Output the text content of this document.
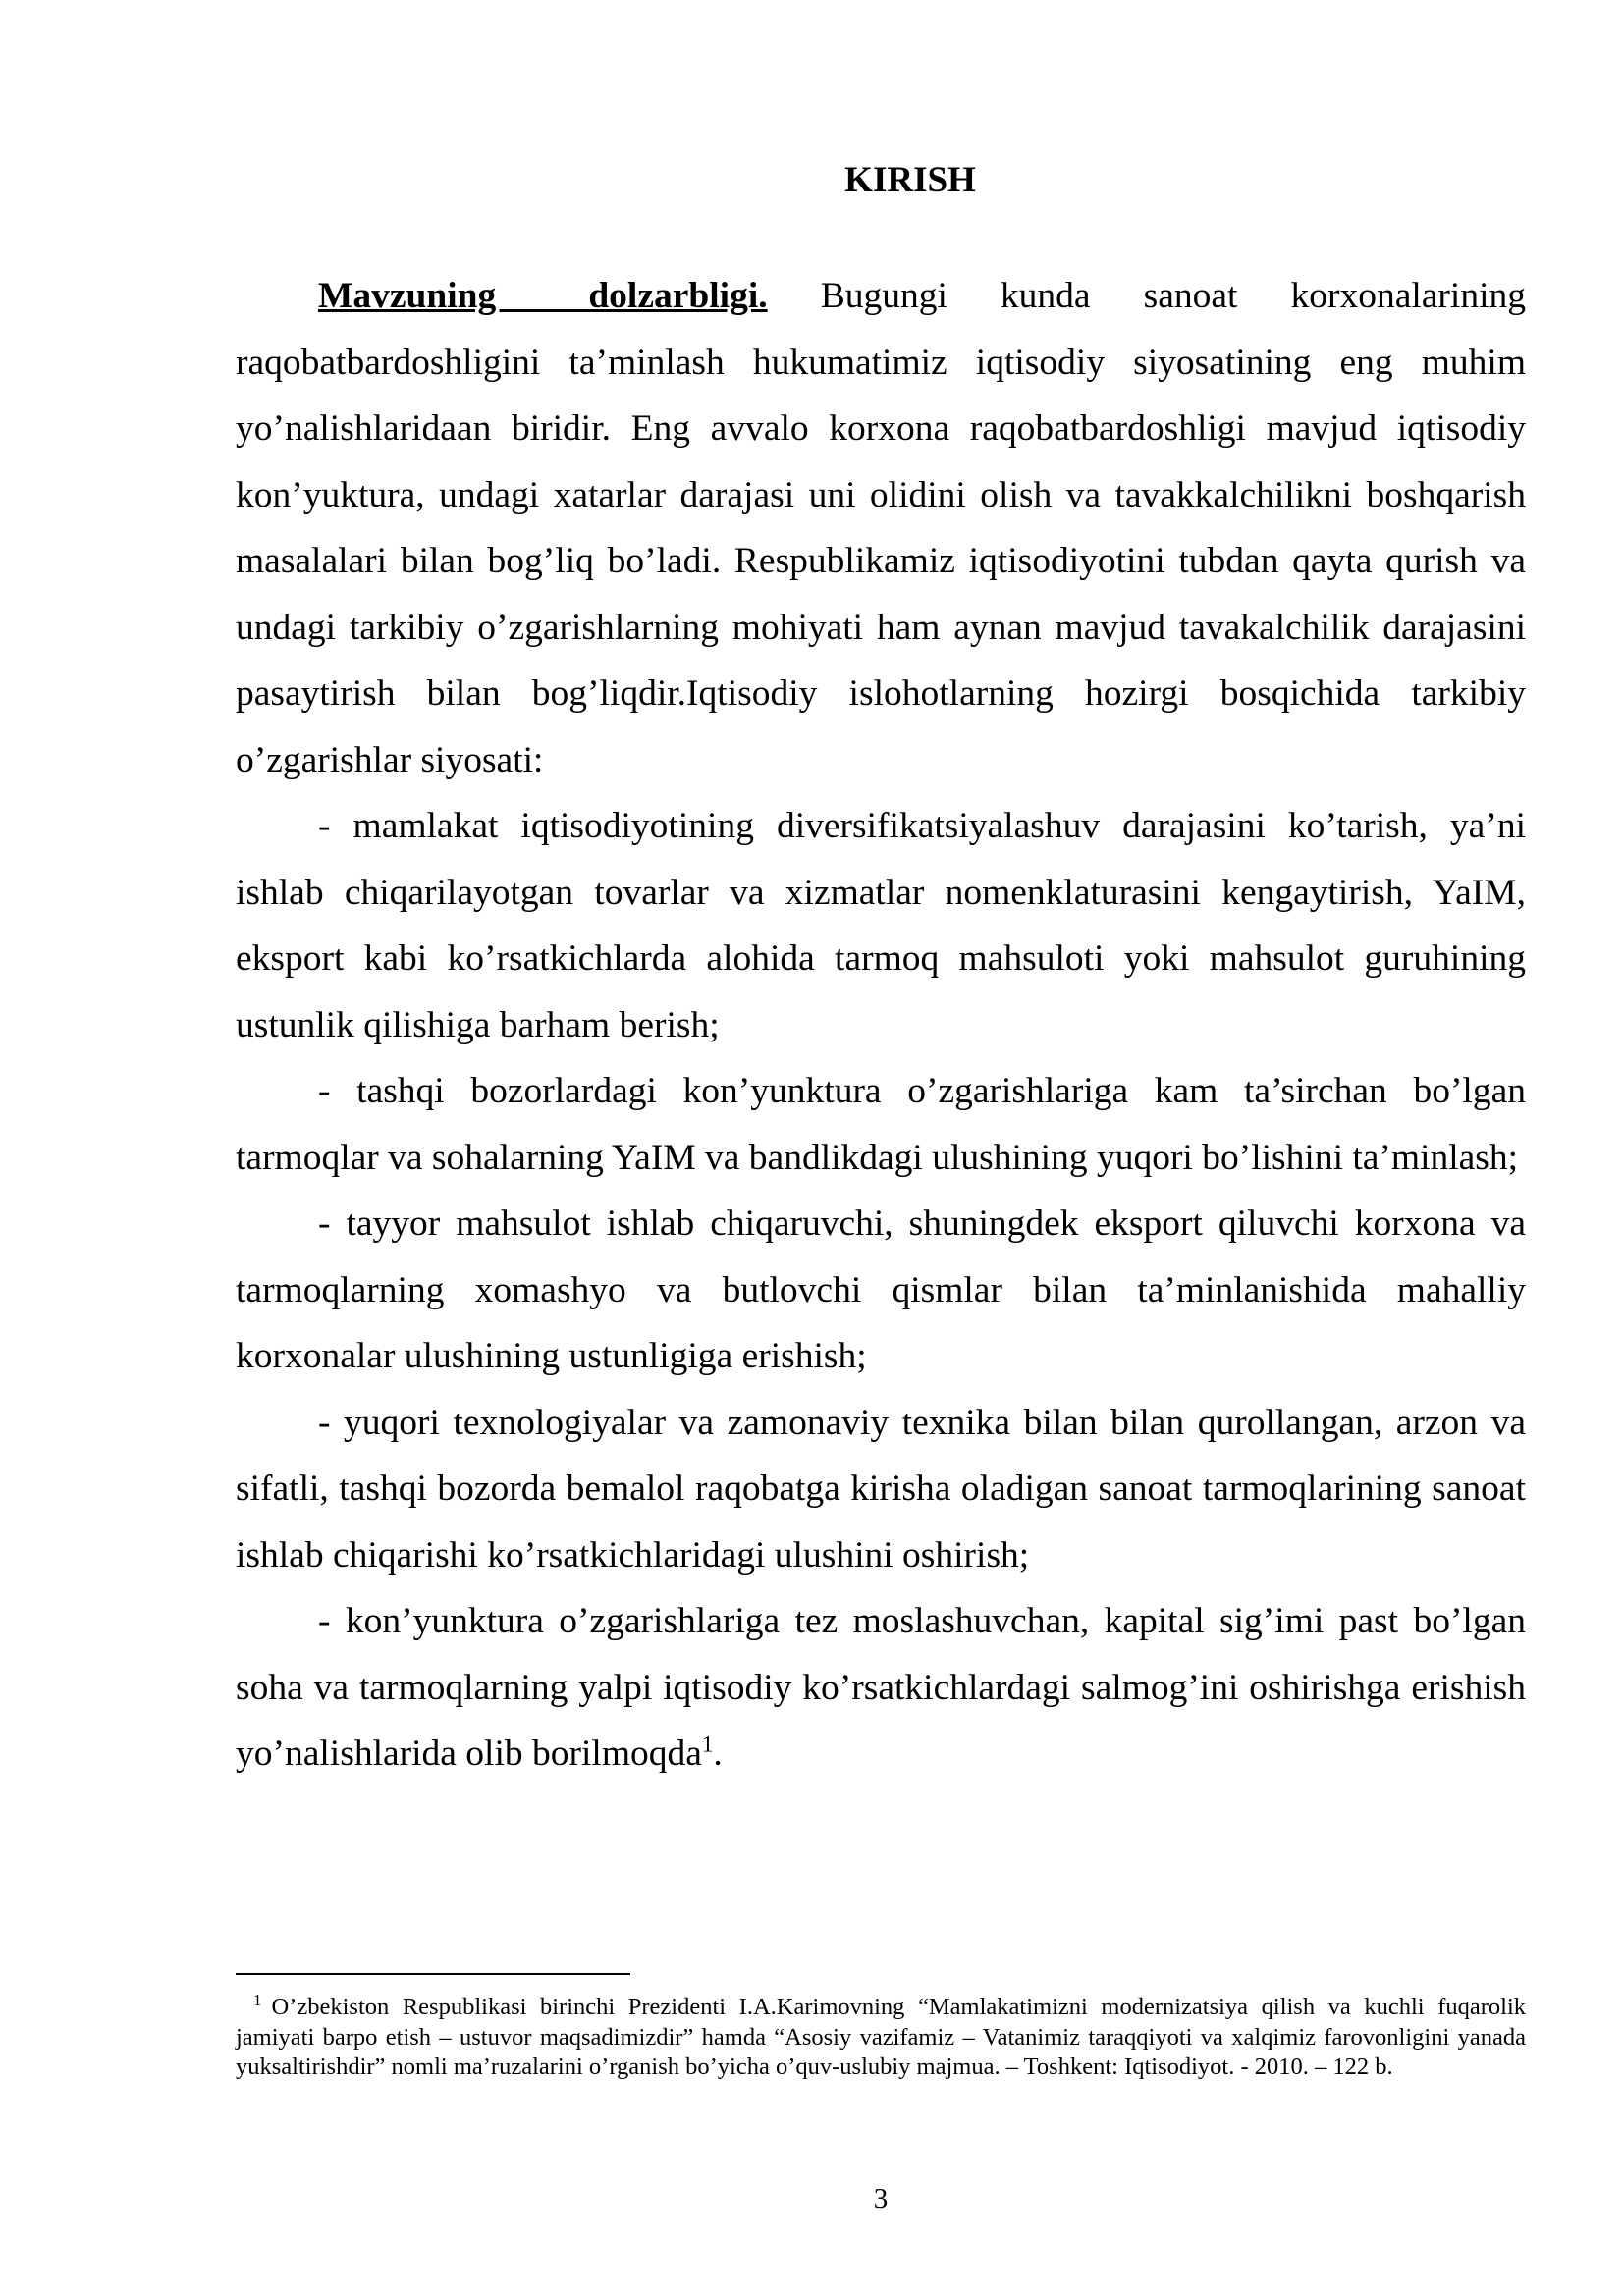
KIRISH

Mavzuning dolzarbligi. Bugungi kunda sanoat korxonalarining raqobatbardoshligini ta’minlash hukumatimiz iqtisodiy siyosatining eng muhim yo’nalishlaridaan biridir. Eng avvalo korxona raqobatbardoshligi mavjud iqtisodiy kon’yuktura, undagi xatarlar darajasi uni olidini olish va tavakkalchilikni boshqarish masalalari bilan bog’liq bo’ladi. Respublikamiz iqtisodiyotini tubdan qayta qurish va undagi tarkibiy o’zgarishlarning mohiyati ham aynan mavjud tavakalchilik darajasini pasaytirish bilan bog’liqdir.Iqtisodiy islohotlarning hozirgi bosqichida tarkibiy o’zgarishlar siyosati:

- mamlakat iqtisodiyotining diversifikatsiyalashuv darajasini ko’tarish, ya’ni ishlab chiqarilayotgan tovarlar va xizmatlar nomenklaturasini kengaytirish, YaIM, eksport kabi ko’rsatkichlarda alohida tarmoq mahsuloti yoki mahsulot guruhining ustunlik qilishiga barham berish;

- tashqi bozorlardagi kon’yunktura o’zgarishlariga kam ta’sirchan bo’lgan tarmoqlar va sohalarning YaIM va bandlikdagi ulushining yuqori bo’lishini ta’minlash;

- tayyor mahsulot ishlab chiqaruvchi, shuningdek eksport qiluvchi korxona va tarmoqlarning xomashyo va butlovchi qismlar bilan ta’minlanishida mahalliy korxonalar ulushining ustunligiga erishish;

- yuqori texnologiyalar va zamonaviy texnika bilan bilan qurollangan, arzon va sifatli, tashqi bozorda bemalol raqobatga kirisha oladigan sanoat tarmoqlarining sanoat ishlab chiqarishi ko’rsatkichlaridagi ulushini oshirish;

- kon’yunktura o’zgarishlariga tez moslashuvchan, kapital sig’imi past bo’lgan soha va tarmoqlarning yalpi iqtisodiy ko’rsatkichlardagi salmog’ini oshirishga erishish yo’nalishlarida olib borilmoqda$^1$.

$^1$ O’zbekiston Respublikasi birinchi Prezidenti I.A.Karimovning “Mamlakatimizni modernizatsiya qilish va kuchli fuqarolik jamiyati barpo etish – ustuvor maqsadimizdir” hamda “Asosiy vazifamiz – Vatanimiz taraqqiyoti va xalqimiz farovonligini yanada yuksaltirishdir” nomli ma’ruzalarini o’rganish bo’yicha o’quv-uslubiy majmua. – Toshkent: Iqtisodiyot. - 2010. – 122 b.

3
